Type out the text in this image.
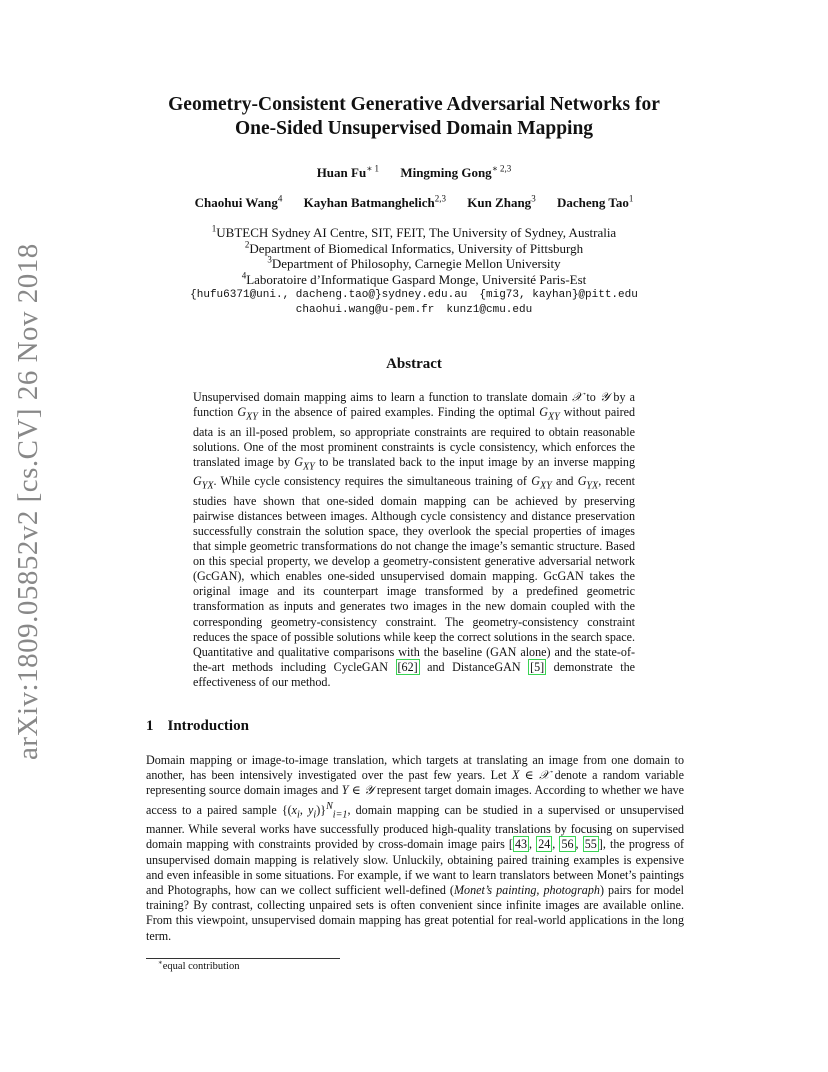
arXiv:1809.05852v2 [cs.CV] 26 Nov 2018
Geometry-Consistent Generative Adversarial Networks for
One-Sided Unsupervised Domain Mapping
Huan $Fu^{∗ 1}$ Mingming Gong$^{∗ 2,3}$
Chaohui Wang$^4$ Kayhan Batmanghelich$^{2,3}$ Kun Zhang$^3$ Dacheng Tao$^1$
$^1$UBTECH Sydney AI Centre, SIT, FEIT, The University of Sydney, Australia
$^2$Department of Biomedical Informatics, University of Pittsburgh
$^3$Department of Philosophy, Carnegie Mellon University
$^4$Laboratoire d’Informatique Gaspard Monge, Université Paris-Est
{hufu6371@uni., dacheng.tao@}sydney.edu.au {mig73, kayhan}@pitt.edu
chaohui.wang@u-pem.fr kunz1@cmu.edu
Abstract
Unsupervised domain mapping aims to learn a function to translate domain 𝒳 to 𝒴 by a function $G_{XY}$ in the absence of paired examples. Finding the optimal $G_{XY}$ without paired data is an ill-posed problem, so appropriate constraints are required to obtain reasonable solutions. One of the most prominent constraints is cycle consistency, which enforces the translated image by $G_{XY}$ to be translated back to the input image by an inverse mapping $G_{YX}$. While cycle consistency requires the simultaneous training of $G_{XY}$ and $G_{YX}$, recent studies have shown that one-sided domain mapping can be achieved by preserving pairwise distances between images. Although cycle consistency and distance preservation successfully constrain the solution space, they overlook the special properties of images that simple geometric transformations do not change the image’s semantic structure. Based on this special property, we develop a geometry-consistent generative adversarial network (GcGAN), which enables one-sided unsupervised domain mapping. GcGAN takes the original image and its counterpart image transformed by a predefined geometric transformation as inputs and generates two images in the new domain coupled with the corresponding geometry-consistency constraint. The geometry-consistency constraint reduces the space of possible solutions while keep the correct solutions in the search space. Quantitative and qualitative comparisons with the baseline (GAN alone) and the state-of-the-art methods including CycleGAN [62] and DistanceGAN [5] demonstrate the effectiveness of our method.
1 Introduction
Domain mapping or image-to-image translation, which targets at translating an image from one domain to another, has been intensively investigated over the past few years. Let X ∈ 𝒳 denote a random variable representing source domain images and Y ∈ 𝒴 represent target domain images. According to whether we have access to a paired sample {($x_i$, $y_i)\}^N_{i=1}$, domain mapping can be studied in a supervised or unsupervised manner. While several works have successfully produced high-quality translations by focusing on supervised domain mapping with constraints provided by cross-domain image pairs [ 43 , 24 , 56 , 55 ], the progress of unsupervised domain mapping is relatively slow. Unluckily, obtaining paired training examples is expensive and even infeasible in some situations. For example, if we want to learn translators between Monet’s paintings and Photographs, how can we collect sufficient well-defined (Monet’s painting, photograph) pairs for model training? By contrast, collecting unpaired sets is often convenient since infinite images are available online. From this viewpoint, unsupervised domain mapping has great potential for real-world applications in the long term.
∗equal contribution
